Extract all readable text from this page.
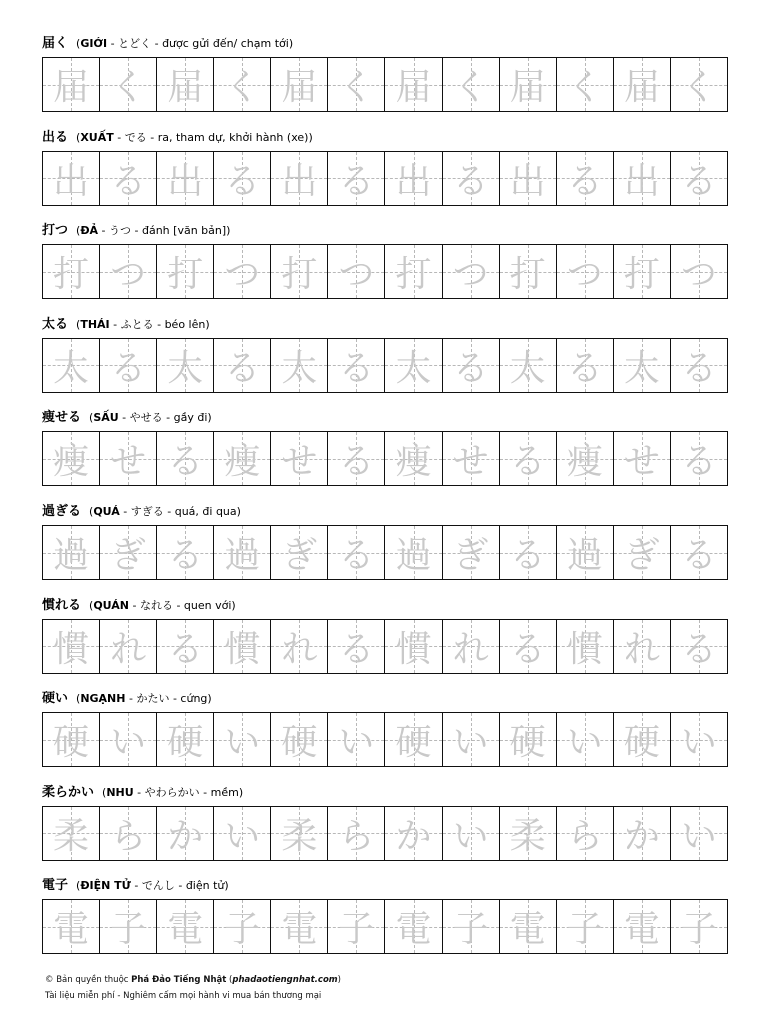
届く (GIỚI - とどく - được gửi đến/ chạm tới)
届 く 届 く 届 く 届 く 届 く 届 く
出る (XUẤT - でる - ra, tham dự, khởi hành (xe))
出 る 出 る 出 る 出 る 出 る 出 る
打つ (ĐẢ - うつ - đánh [văn bản])
打 つ 打 つ 打 つ 打 つ 打 つ 打 つ
太る (THÁI - ふとる - béo lên)
太 る 太 る 太 る 太 る 太 る 太 る
痩せる (SẤU - やせる - gầy đi)
痩 せ る 痩 せ る 痩 せ る 痩 せ る
過ぎる (QUÁ - すぎる - quá, đi qua)
過 ぎ る 過 ぎ る 過 ぎ る 過 ぎ る
慣れる (QUÁN - なれる - quen với)
慣 れ る 慣 れ る 慣 れ る 慣 れ る
硬い (NGẠNH - かたい - cứng)
硬 い 硬 い 硬 い 硬 い 硬 い 硬 い
柔らかい (NHU - やわらかい - mềm)
柔 ら か い 柔 ら か い 柔 ら か い
電子 (ĐIỆN TỬ - でんし - điện tử)
電 子 電 子 電 子 電 子 電 子 電 子
© Bản quyền thuộc Phá Đảo Tiếng Nhật (phadaotiengnhat.com)
Tài liệu miễn phí - Nghiêm cấm mọi hành vi mua bán thương mại
